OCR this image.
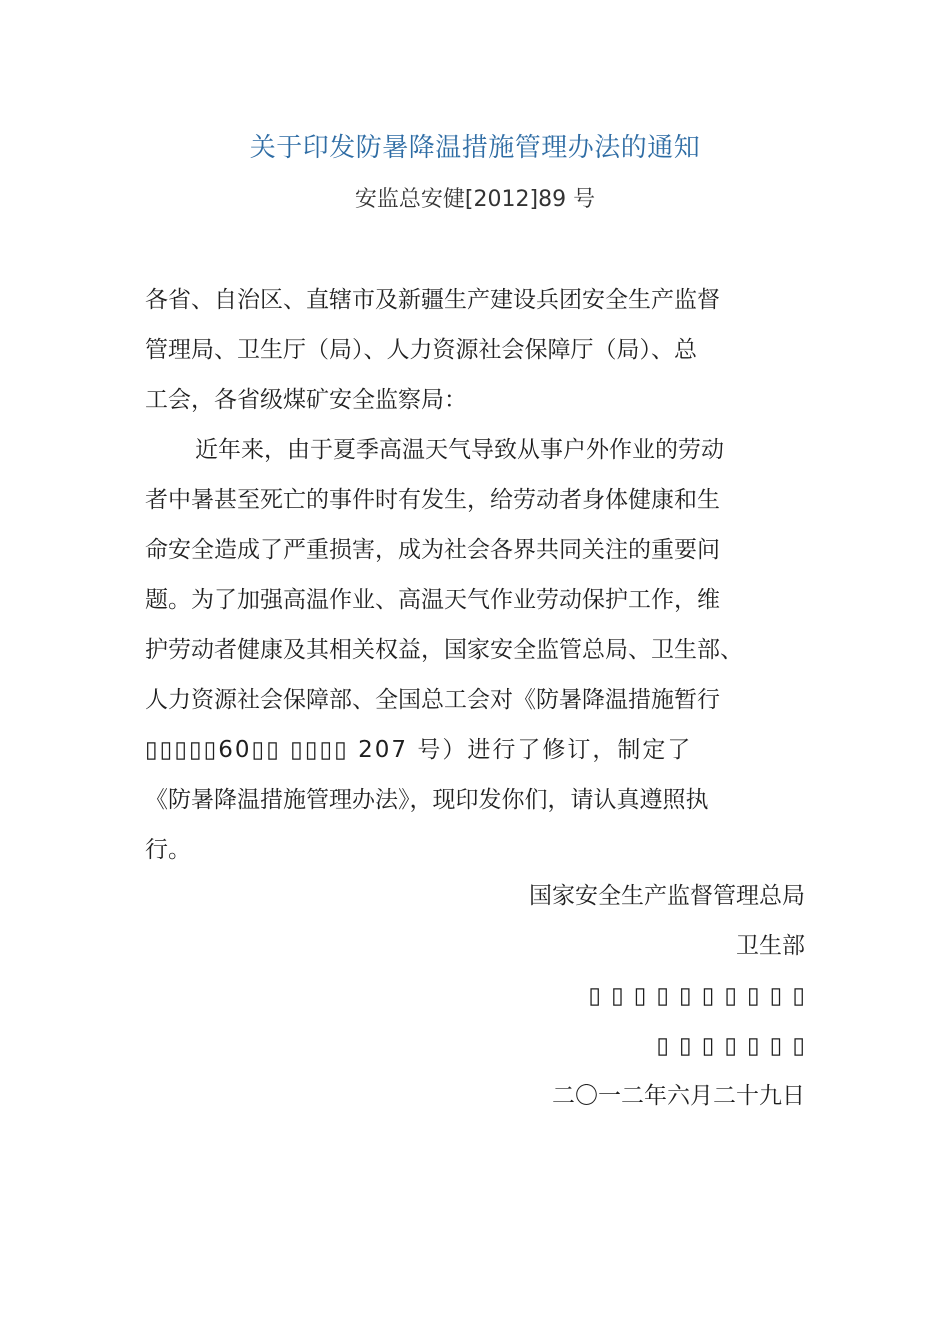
关于印发防暑降温措施管理办法的通知
安监总安健[2012]89 号
各省、自治区、直辖市及新疆生产建设兵团安全生产监督
管理局、卫生厅（局）、人力资源社会保障厅（局）、总
工会，各省级煤矿安全监察局：
近年来，由于夏季高温天气导致从事户外作业的劳动
者中暑甚至死亡的事件时有发生，给劳动者身体健康和生
命安全造成了严重损害，成为社会各界共同关注的重要问
题。为了加强高温作业、高温天气作业劳动保护工作，维
护劳动者健康及其相关权益，国家安全监管总局、卫生部、
人力资源社会保障部、全国总工会对《防暑降温措施暂行
▯▯▯▯▯60▯▯ ▯▯▯▯ 207 号）进行了修订，制定了
《防暑降温措施管理办法》，现印发你们，请认真遵照执
行。
国家安全生产监督管理总局
卫生部
▯▯▯▯▯▯▯▯▯▯
▯▯▯▯▯▯▯
二〇一二年六月二十九日
